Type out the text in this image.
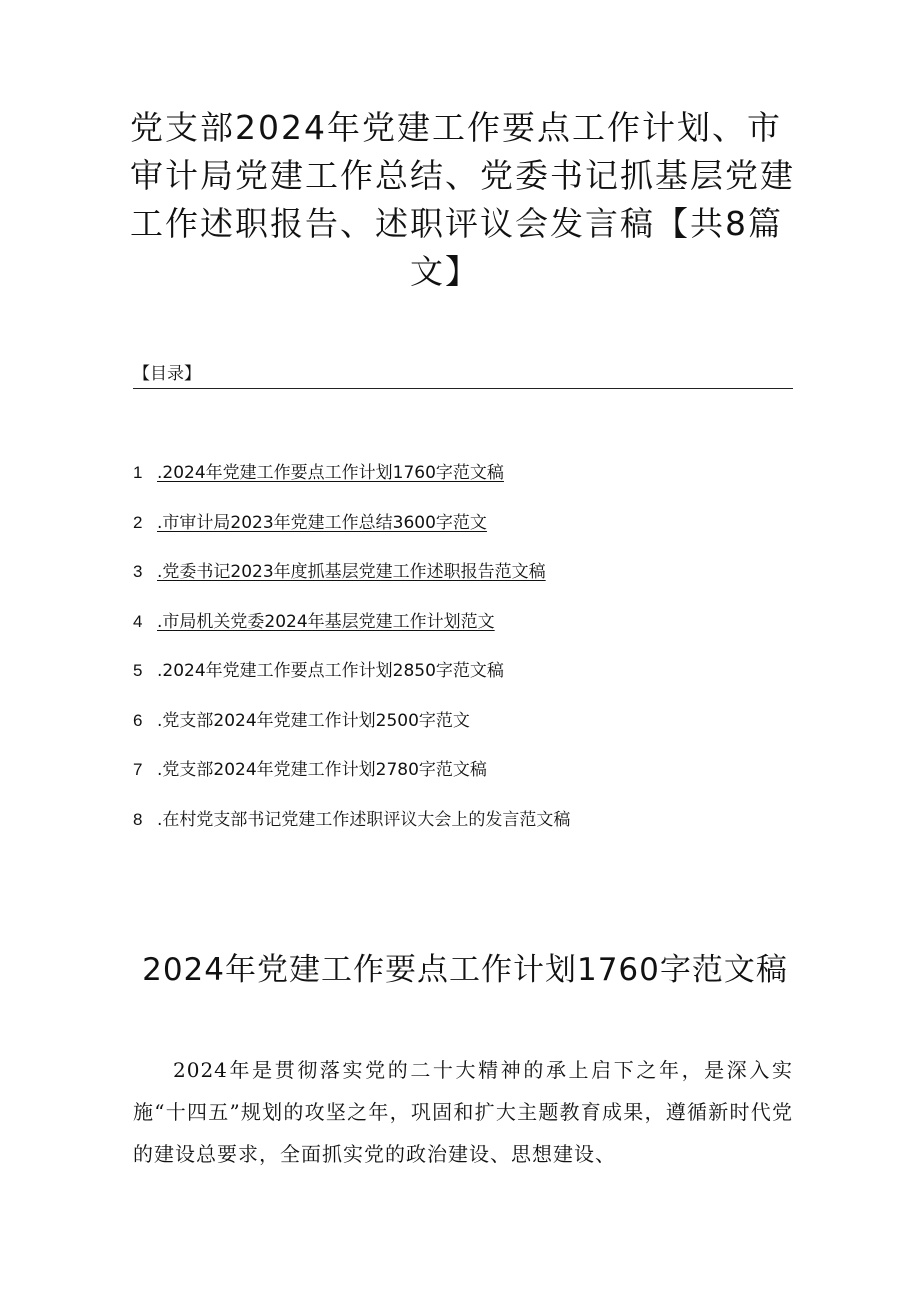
党支部2024年党建工作要点工作计划、市审计局党建工作总结、党委书记抓基层党建工作述职报告、述职评议会发言稿【共8篇
文】
【目录】
1 .2024年党建工作要点工作计划1760字范文稿
2 .市审计局2023年党建工作总结3600字范文
3 .党委书记2023年度抓基层党建工作述职报告范文稿
4 .市局机关党委2024年基层党建工作计划范文
5 .2024年党建工作要点工作计划2850字范文稿
6 .党支部2024年党建工作计划2500字范文
7 .党支部2024年党建工作计划2780字范文稿
8 .在村党支部书记党建工作述职评议大会上的发言范文稿
2024年党建工作要点工作计划1760字范文稿

2024年是贯彻落实党的二十大精神的承上启下之年，是深入实施“十四五”规划的攻坚之年，巩固和扩大主题教育成果，遵循新时代党的建设总要求，全面抓实党的政治建设、思想建设、
